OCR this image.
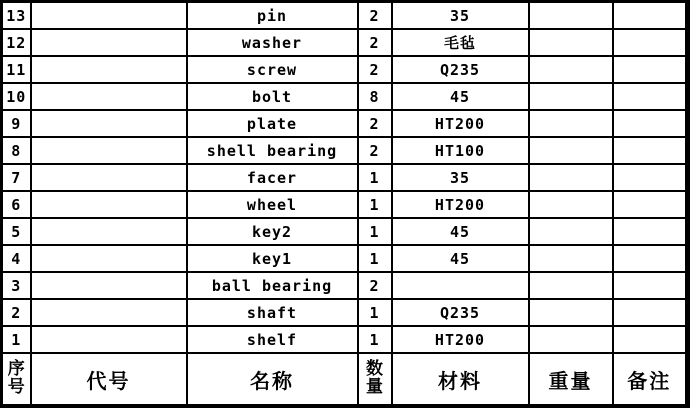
13		pin	2	35		
12		washer	2	毛毡		
11		screw	2	Q235		
10		bolt	8	45		
9		plate	2	HT200		
8		shell bearing	2	HT100		
7		facer	1	35		
6		wheel	1	HT200		
5		key2	1	45		
4		key1	1	45		
3		ball bearing	2			
2		shaft	1	Q235		
1		shelf	1	HT200		

序号	代号	名称	数量	材料	重量	备注
